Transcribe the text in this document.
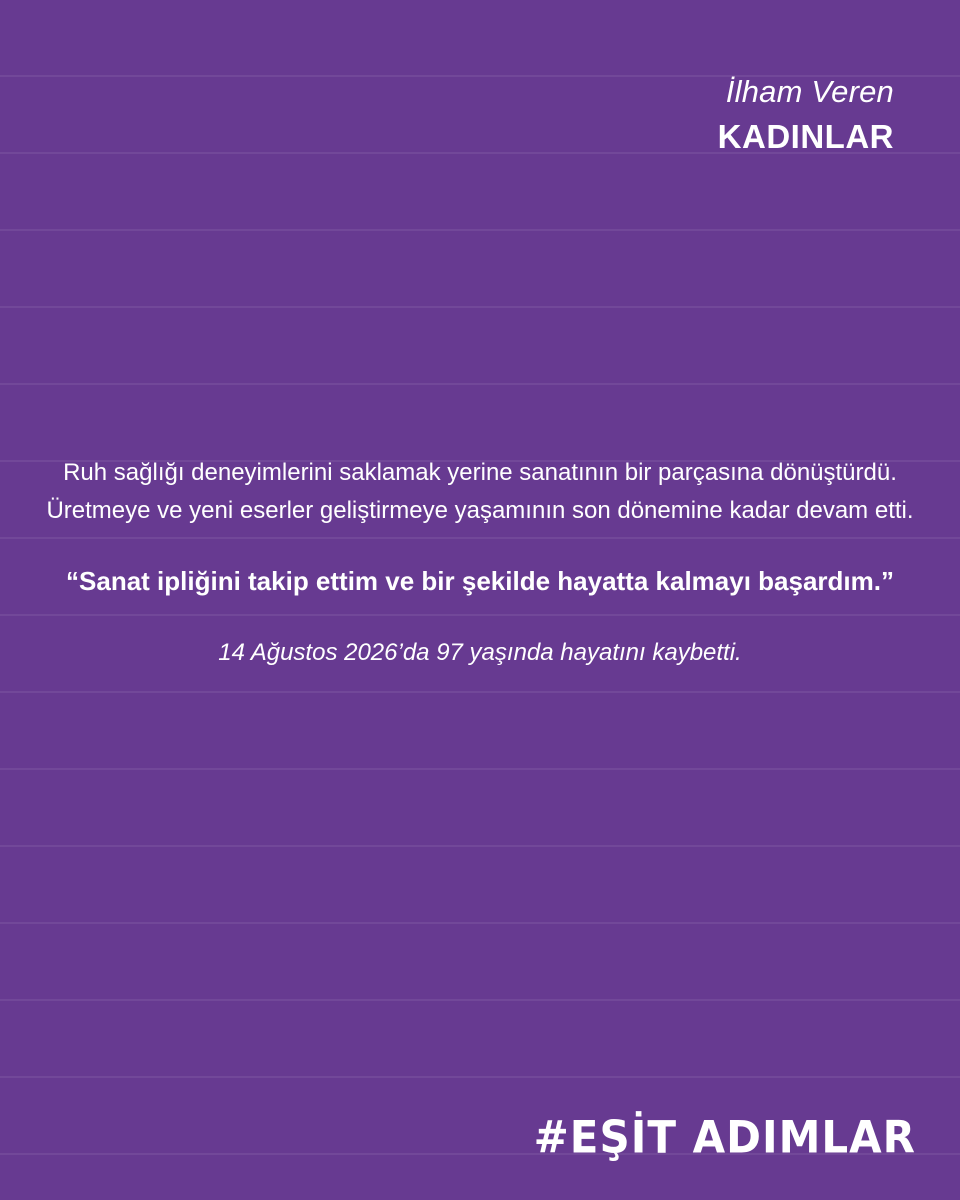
İlham Veren
KADINLAR

Ruh sağlığı deneyimlerini saklamak yerine sanatının bir parçasına dönüştürdü. Üretmeye ve yeni eserler geliştirmeye yaşamının son dönemine kadar devam etti.

“Sanat ipliğini takip ettim ve bir şekilde hayatta kalmayı başardım.”

14 Ağustos 2026’da 97 yaşında hayatını kaybetti.

#EŞİT ADIMLAR
